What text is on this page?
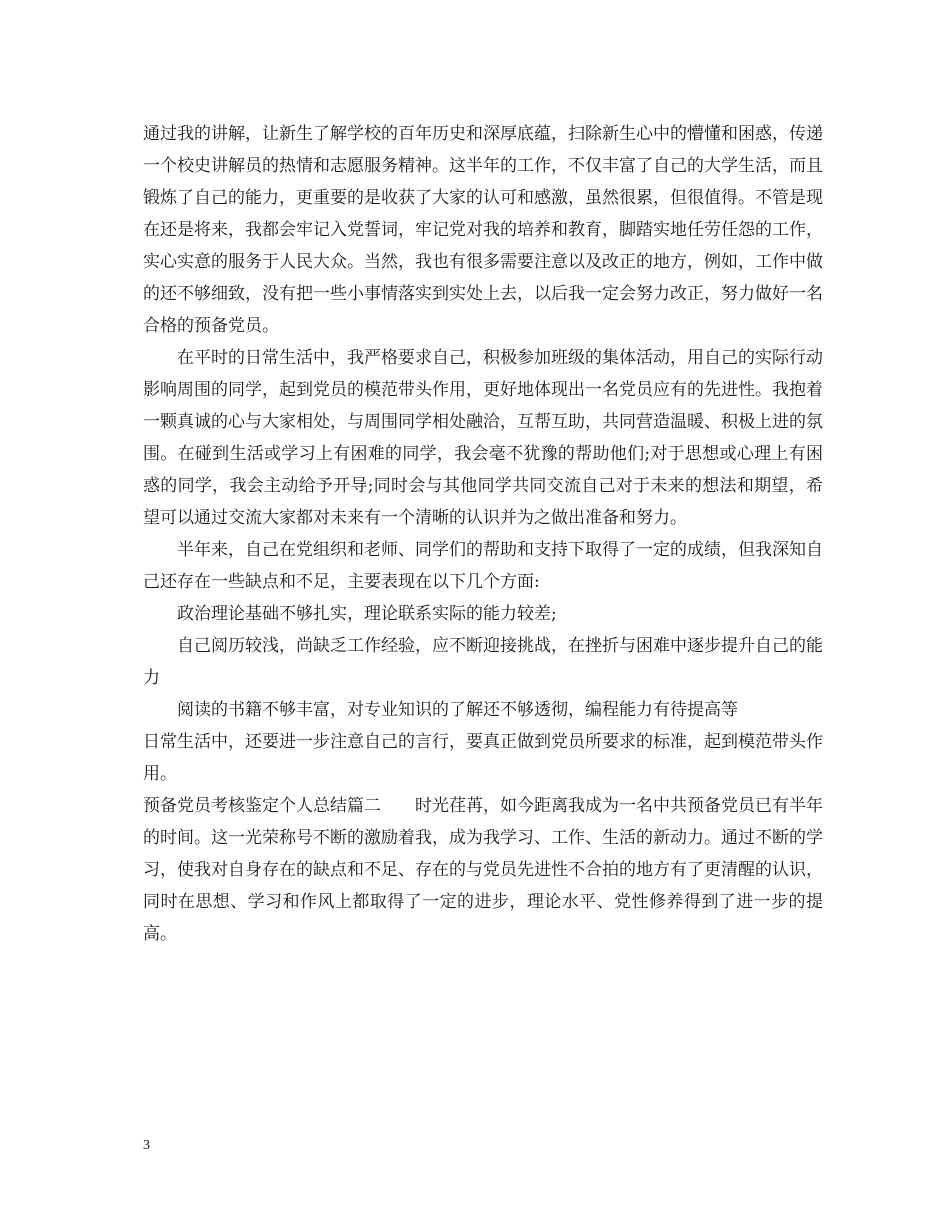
通过我的讲解，让新生了解学校的百年历史和深厚底蕴，扫除新生心中的懵懂和困惑，传递一个校史讲解员的热情和志愿服务精神。这半年的工作，不仅丰富了自己的大学生活，而且锻炼了自己的能力，更重要的是收获了大家的认可和感激，虽然很累，但很值得。不管是现在还是将来，我都会牢记入党誓词，牢记党对我的培养和教育，脚踏实地任劳任怨的工作，实心实意的服务于人民大众。当然，我也有很多需要注意以及改正的地方，例如，工作中做的还不够细致，没有把一些小事情落实到实处上去，以后我一定会努力改正，努力做好一名合格的预备党员。

在平时的日常生活中，我严格要求自己，积极参加班级的集体活动，用自己的实际行动影响周围的同学，起到党员的模范带头作用，更好地体现出一名党员应有的先进性。我抱着一颗真诚的心与大家相处，与周围同学相处融洽，互帮互助，共同营造温暖、积极上进的氛围。在碰到生活或学习上有困难的同学，我会毫不犹豫的帮助他们;对于思想或心理上有困惑的同学，我会主动给予开导;同时会与其他同学共同交流自己对于未来的想法和期望，希望可以通过交流大家都对未来有一个清晰的认识并为之做出准备和努力。

半年来，自己在党组织和老师、同学们的帮助和支持下取得了一定的成绩，但我深知自己还存在一些缺点和不足，主要表现在以下几个方面:

政治理论基础不够扎实，理论联系实际的能力较差;

自己阅历较浅，尚缺乏工作经验，应不断迎接挑战，在挫折与困难中逐步提升自己的能力

阅读的书籍不够丰富，对专业知识的了解还不够透彻，编程能力有待提高等

日常生活中，还要进一步注意自己的言行，要真正做到党员所要求的标准，起到模范带头作用。

预备党员考核鉴定个人总结篇二　　时光荏苒，如今距离我成为一名中共预备党员已有半年的时间。这一光荣称号不断的激励着我，成为我学习、工作、生活的新动力。通过不断的学习，使我对自身存在的缺点和不足、存在的与党员先进性不合拍的地方有了更清醒的认识，同时在思想、学习和作风上都取得了一定的进步，理论水平、党性修养得到了进一步的提高。

3
